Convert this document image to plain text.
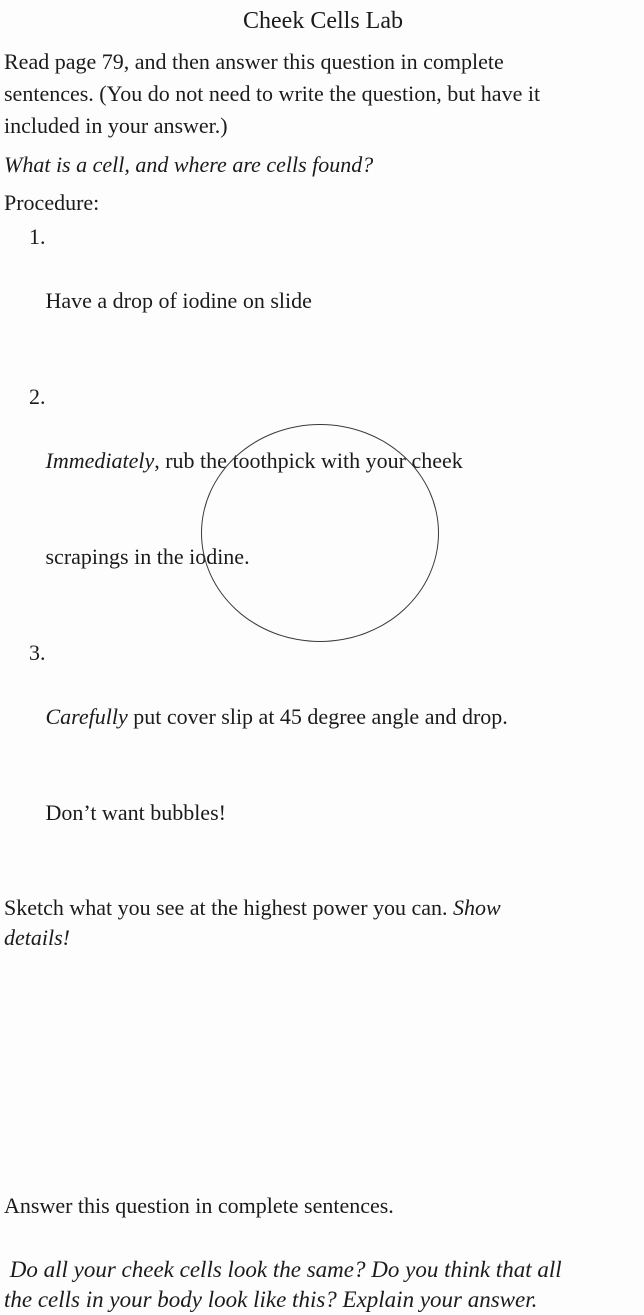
Cheek Cells Lab

Read page 79, and then answer this question in complete
sentences. (You do not need to write the question, but have it
included in your answer.)

What is a cell, and where are cells found?

Procedure:

1.

Have a drop of iodine on slide

2.

Immediately, rub the toothpick with your cheek

scrapings in the iodine.

3.

Carefully put cover slip at 45 degree angle and drop.

Don’t want bubbles!

Sketch what you see at the highest power you can. Show
details!

Answer this question in complete sentences.

Do all your cheek cells look the same? Do you think that all
the cells in your body look like this? Explain your answer.
